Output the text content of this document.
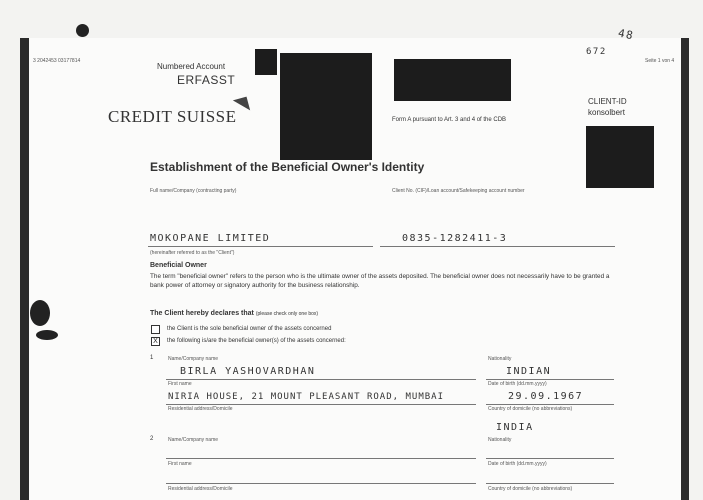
3 2042453 03177814
Numbered Account
ERFASST
CREDIT SUISSE
48
672
Seite 1 von 4
CLIENT-ID
konsolbert
Form A pursuant to Art. 3 and 4 of the CDB
Establishment of the Beneficial Owner's Identity
Full name/Company (contracting party)	Client No. (CIF)/Loan account/Safekeeping account number
MOKOPANE LIMITED	0835-1282411-3
(hereinafter referred to as the "Client")
Beneficial Owner
The term "beneficial owner" refers to the person who is the ultimate owner of the assets deposited. The beneficial owner does not necessarily have to be granted a bank power of attorney or signatory authority for the business relationship.
The Client hereby declares that (please check only one box)
the Client is the sole beneficial owner of the assets concerned
X	the following is/are the beneficial owner(s) of the assets concerned:
1	Name/Company name	Nationality
BIRLA YASHOVARDHAN	INDIAN
First name	Date of birth (dd.mm.yyyy)
NIRIA HOUSE, 21 MOUNT PLEASANT ROAD, MUMBAI	29.09.1967
Residential address/Domicile	Country of domicile (no abbreviations)
INDIA
2	Name/Company name	Nationality
First name	Date of birth (dd.mm.yyyy)
Residential address/Domicile	Country of domicile (no abbreviations)
